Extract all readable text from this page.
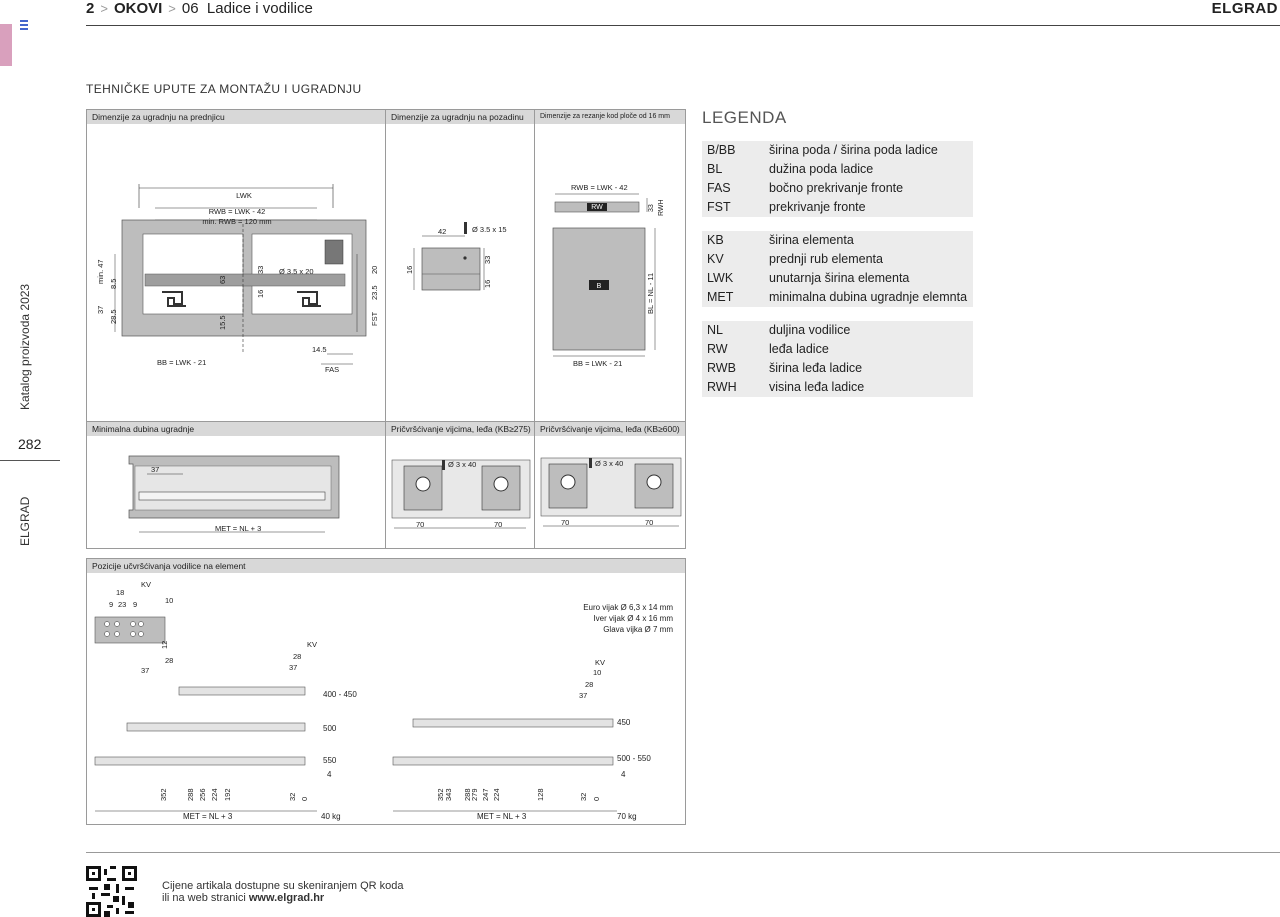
2 > OKOVI > 06 Ladice i vodilice	ELGRAD
Katalog proizvoda 2023
282
ELGRAD
TEHNIČKE UPUTE ZA MONTAŽU I UGRADNJU
Dimenzije za ugradnju na prednjicu
LWK
RWB = LWK - 42
min. RWB = 120 mm
min. 47 8.5
37 28.5
63
33 Ø 3.5 x 20	20
16	23.5
FST
15.5
14.5
BB = LWK - 21
FAS
Dimenzije za ugradnju na pozadinu
42	Ø 3.5 x 15
16
33
16
Dimenzije za rezanje kod ploče od 16 mm
RWB = LWK - 42
RW	33 RWH
B	BL = NL - 11
BB = LWK - 21
Minimalna dubina ugradnje
37
MET = NL + 3
Pričvršćivanje vijcima, leđa (KB≥275)
Ø 3 x 40
70	70
Pričvršćivanje vijcima, leđa (KB≥600)
Ø 3 x 40
70	70
Pozicije učvršćivanja vodilice na element
KV
18
9 23 9	10
12
28
37
Euro vijak Ø 6,3 x 14 mm
Iver vijak Ø 4 x 16 mm
Glava vijka Ø 7 mm
KV
28
37
400 - 450
500
550
4
352 288 256 224 192	32 0
MET = NL + 3	40 kg
KV
10
28
37
450
500 - 550
4
352 343 288
279 247 224	128	32 0
MET = NL + 3	70 kg
LEGENDA
B/BB	širina poda / širina poda ladice
BL	dužina poda ladice
FAS	bočno prekrivanje fronte
FST	prekrivanje fronte
KB	širina elementa
KV	prednji rub elementa
LWK	unutarnja širina elementa
MET	minimalna dubina ugradnje elemnta
NL	duljina vodilice
RW	leđa ladice
RWB	širina leđa ladice
RWH	visina leđa ladice
Cijene artikala dostupne su skeniranjem QR koda
ili na web stranici www.elgrad.hr
